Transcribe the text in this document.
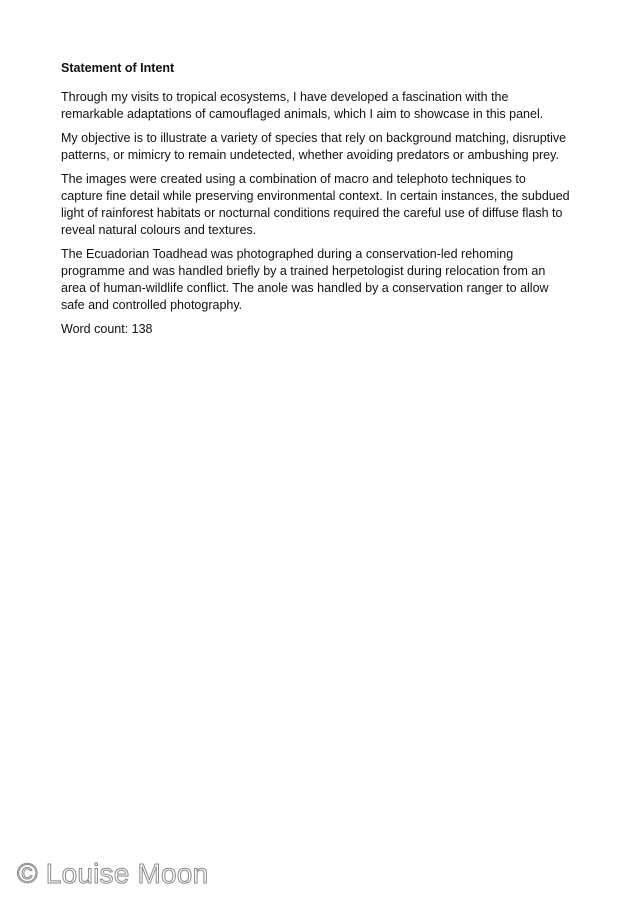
Statement of Intent

Through my visits to tropical ecosystems, I have developed a fascination with the remarkable adaptations of camouflaged animals, which I aim to showcase in this panel.

My objective is to illustrate a variety of species that rely on background matching, disruptive patterns, or mimicry to remain undetected, whether avoiding predators or ambushing prey.

The images were created using a combination of macro and telephoto techniques to capture fine detail while preserving environmental context. In certain instances, the subdued light of rainforest habitats or nocturnal conditions required the careful use of diffuse flash to reveal natural colours and textures.

The Ecuadorian Toadhead was photographed during a conservation-led rehoming programme and was handled briefly by a trained herpetologist during relocation from an area of human-wildlife conflict. The anole was handled by a conservation ranger to allow safe and controlled photography.

Word count: 138

© Louise Moon
